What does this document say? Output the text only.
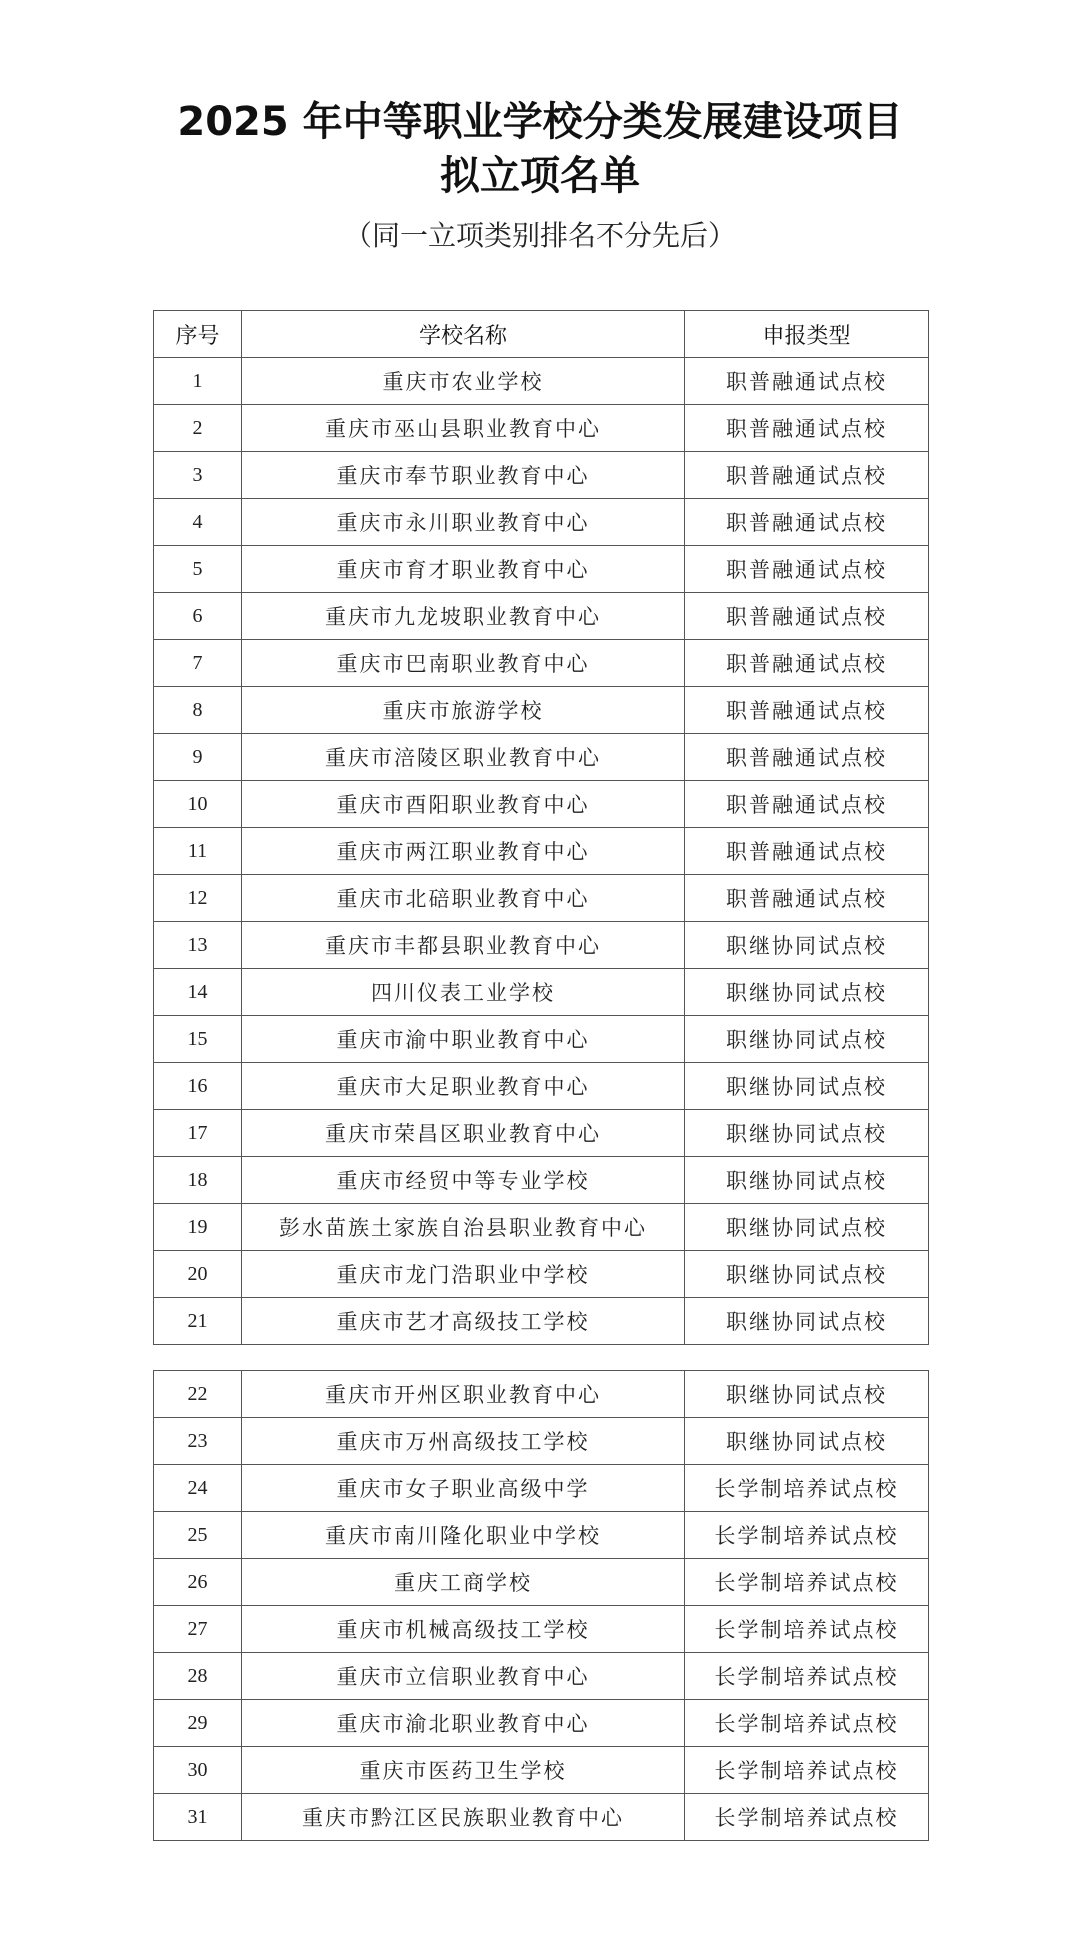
2025 年中等职业学校分类发展建设项目
拟立项名单
（同一立项类别排名不分先后）
序号	学校名称	申报类型
1	重庆市农业学校	职普融通试点校
2	重庆市巫山县职业教育中心	职普融通试点校
3	重庆市奉节职业教育中心	职普融通试点校
4	重庆市永川职业教育中心	职普融通试点校
5	重庆市育才职业教育中心	职普融通试点校
6	重庆市九龙坡职业教育中心	职普融通试点校
7	重庆市巴南职业教育中心	职普融通试点校
8	重庆市旅游学校	职普融通试点校
9	重庆市涪陵区职业教育中心	职普融通试点校
10	重庆市酉阳职业教育中心	职普融通试点校
11	重庆市两江职业教育中心	职普融通试点校
12	重庆市北碚职业教育中心	职普融通试点校
13	重庆市丰都县职业教育中心	职继协同试点校
14	四川仪表工业学校	职继协同试点校
15	重庆市渝中职业教育中心	职继协同试点校
16	重庆市大足职业教育中心	职继协同试点校
17	重庆市荣昌区职业教育中心	职继协同试点校
18	重庆市经贸中等专业学校	职继协同试点校
19	彭水苗族土家族自治县职业教育中心	职继协同试点校
20	重庆市龙门浩职业中学校	职继协同试点校
21	重庆市艺才高级技工学校	职继协同试点校
22	重庆市开州区职业教育中心	职继协同试点校
23	重庆市万州高级技工学校	职继协同试点校
24	重庆市女子职业高级中学	长学制培养试点校
25	重庆市南川隆化职业中学校	长学制培养试点校
26	重庆工商学校	长学制培养试点校
27	重庆市机械高级技工学校	长学制培养试点校
28	重庆市立信职业教育中心	长学制培养试点校
29	重庆市渝北职业教育中心	长学制培养试点校
30	重庆市医药卫生学校	长学制培养试点校
31	重庆市黔江区民族职业教育中心	长学制培养试点校
